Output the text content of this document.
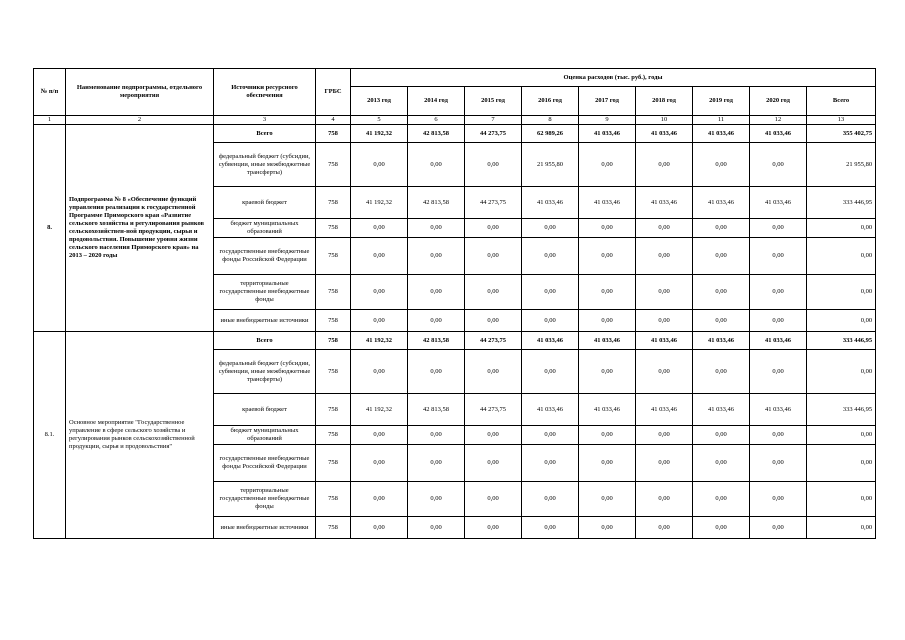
№ п/п	Наименование подпрограммы, отдельного мероприятия	Источники ресурсного обеспечения	ГРБС	Оценка расходов (тыс. руб.), годы								
				2013 год	2014 год	2015 год	2016 год	2017 год	2018 год	2019 год	2020 год	Всего
1	2	3	4	5	6	7	8	9	10	11	12	13
8.	Подпрограмма № 8 «Обеспечение функций управления реализации к государственной Программе Приморского края «Развитие сельского хозяйства и регулирования рынков сельскохозяйствен-ной продукции, сырья и продовольствия. Повышение уровня жизни сельского населения Приморского края» на 2013 – 2020 годы	Всего	758	41 192,32	42 813,58	44 273,75	62 989,26	41 033,46	41 033,46	41 033,46	41 033,46	355 402,75
		федеральный бюджет (субсидии, субвенции, иные межбюджетные трансферты)	758	0,00	0,00	0,00	21 955,80	0,00	0,00	0,00	0,00	21 955,80
		краевой бюджет	758	41 192,32	42 813,58	44 273,75	41 033,46	41 033,46	41 033,46	41 033,46	41 033,46	333 446,95
		бюджет муниципальных образований	758	0,00	0,00	0,00	0,00	0,00	0,00	0,00	0,00	0,00
		государственные внебюджетные фонды Российской Федерации	758	0,00	0,00	0,00	0,00	0,00	0,00	0,00	0,00	0,00
		территориальные государственные внебюджетные фонды	758	0,00	0,00	0,00	0,00	0,00	0,00	0,00	0,00	0,00
		иные внебюджетные источники	758	0,00	0,00	0,00	0,00	0,00	0,00	0,00	0,00	0,00
8.1.	Основное мероприятие "Государственное управление в сфере сельского хозяйства и регулирования рынков сельскохозяйственной продукции, сырья и продовольствия"	Всего	758	41 192,32	42 813,58	44 273,75	41 033,46	41 033,46	41 033,46	41 033,46	41 033,46	333 446,95
		федеральный бюджет (субсидии, субвенции, иные межбюджетные трансферты)	758	0,00	0,00	0,00	0,00	0,00	0,00	0,00	0,00	0,00
		краевой бюджет	758	41 192,32	42 813,58	44 273,75	41 033,46	41 033,46	41 033,46	41 033,46	41 033,46	333 446,95
		бюджет муниципальных образований	758	0,00	0,00	0,00	0,00	0,00	0,00	0,00	0,00	0,00
		государственные внебюджетные фонды Российской Федерации	758	0,00	0,00	0,00	0,00	0,00	0,00	0,00	0,00	0,00
		территориальные государственные внебюджетные фонды	758	0,00	0,00	0,00	0,00	0,00	0,00	0,00	0,00	0,00
		иные внебюджетные источники	758	0,00	0,00	0,00	0,00	0,00	0,00	0,00	0,00	0,00
